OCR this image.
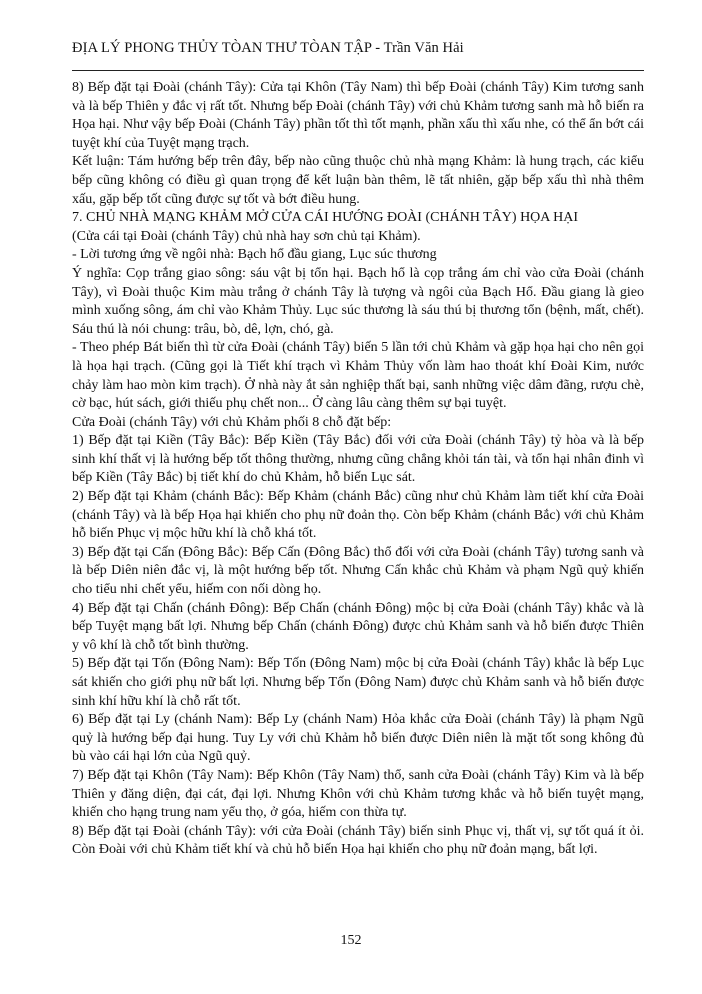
ĐỊA LÝ PHONG THỦY TÒAN THƯ TÒAN TẬP - Trần Văn Hải

8) Bếp đặt tại Đoài (chánh Tây): Cửa tại Khôn (Tây Nam) thì bếp Đoài (chánh Tây) Kim tương sanh và là bếp Thiên y đắc vị rất tốt. Nhưng bếp Đoài (chánh Tây) với chủ Khảm tương sanh mà hỗ biến ra Họa hại. Như vậy bếp Đoài (Chánh Tây) phần tốt thì tốt mạnh, phần xấu thì xấu nhe, có thể ẩn bớt cái tuyệt khí của Tuyệt mạng trạch.

Kết luận: Tám hướng bếp trên đây, bếp nào cũng thuộc chủ nhà mạng Khảm: là hung trạch, các kiểu bếp cũng không có điều gì quan trọng để kết luận bàn thêm, lẽ tất nhiên, gặp bếp xấu thì nhà thêm xấu, gặp bếp tốt cũng được sự tốt và bớt điều hung.

7. CHỦ NHÀ MẠNG KHẢM MỞ CỬA CÁI HƯỚNG ĐOÀI (CHÁNH TÂY) HỌA HẠI

(Cửa cái tại Đoài (chánh Tây) chủ nhà hay sơn chủ tại Khảm).

- Lời tương ứng về ngôi nhà: Bạch hổ đầu giang, Lục súc thương

Ý nghĩa: Cọp trắng giao sông: sáu vật bị tổn hại. Bạch hổ là cọp trắng ám chỉ vào cửa Đoài (chánh Tây), vì Đoài thuộc Kim màu trắng ở chánh Tây là tượng và ngôi của Bạch Hổ. Đầu giang là gieo mình xuống sông, ám chỉ vào Khảm Thủy. Lục súc thương là sáu thú bị thương tổn (bệnh, mất, chết). Sáu thú là nói chung: trâu, bò, dê, lợn, chó, gà.

- Theo phép Bát biến thì từ cửa Đoài (chánh Tây) biến 5 lần tới chủ Khảm và gặp họa hại cho nên gọi là họa hại trạch. (Cũng gọi là Tiết khí trạch vì Khảm Thủy vốn làm hao thoát khí Đoài Kim, nước chảy làm hao mòn kim trạch). Ở nhà này ắt sản nghiệp thất bại, sanh những việc dâm đãng, rượu chè, cờ bạc, hút sách, giới thiếu phụ chết non... Ở càng lâu càng thêm sự bại tuyệt.

Cửa Đoài (chánh Tây) với chủ Khảm phối 8 chỗ đặt bếp:

1) Bếp đặt tại Kiền (Tây Bắc): Bếp Kiền (Tây Bắc) đối với cửa Đoài (chánh Tây) tỷ hòa và là bếp sinh khí thất vị là hướng bếp tốt thông thường, nhưng cũng chẳng khỏi tán tài, và tổn hại nhân đinh vì bếp Kiền (Tây Bắc) bị tiết khí do chủ Khảm, hỗ biến Lục sát.

2) Bếp đặt tại Khảm (chánh Bắc): Bếp Khảm (chánh Bắc) cũng như chủ Khảm làm tiết khí cửa Đoài (chánh Tây) và là bếp Họa hại khiến cho phụ nữ đoản thọ. Còn bếp Khảm (chánh Bắc) với chủ Khảm hỗ biến Phục vị mộc hữu khí là chỗ khá tốt.

3) Bếp đặt tại Cấn (Đông Bắc): Bếp Cấn (Đông Bắc) thổ đối với cửa Đoài (chánh Tây) tương sanh và là bếp Diên niên đắc vị, là một hướng bếp tốt. Nhưng Cấn khắc chủ Khảm và phạm Ngũ quỷ khiến cho tiểu nhi chết yểu, hiếm con nối dòng họ.

4) Bếp đặt tại Chấn (chánh Đông): Bếp Chấn (chánh Đông) mộc bị cửa Đoài (chánh Tây) khắc và là bếp Tuyệt mạng bất lợi. Nhưng bếp Chấn (chánh Đông) được chủ Khảm sanh và hỗ biến được Thiên y vô khí là chỗ tốt bình thường.

5) Bếp đặt tại Tốn (Đông Nam): Bếp Tốn (Đông Nam) mộc bị cửa Đoài (chánh Tây) khắc là bếp Lục sát khiến cho giới phụ nữ bất lợi. Nhưng bếp Tốn (Đông Nam) được chủ Khảm sanh và hỗ biến được sinh khí hữu khí là chỗ rất tốt.

6) Bếp đặt tại Ly (chánh Nam): Bếp Ly (chánh Nam) Hỏa khắc cửa Đoài (chánh Tây) là phạm Ngũ quỷ là hướng bếp đại hung. Tuy Ly với chủ Khảm hỗ biến được Diên niên là mặt tốt song không đủ bù vào cái hại lớn của Ngũ quỷ.

7) Bếp đặt tại Khôn (Tây Nam): Bếp Khôn (Tây Nam) thổ, sanh cửa Đoài (chánh Tây) Kim và là bếp Thiên y đăng diện, đại cát, đại lợi. Nhưng Khôn với chủ Khảm tương khắc và hỗ biến tuyệt mạng, khiến cho hạng trung nam yểu thọ, ở góa, hiếm con thừa tự.

8) Bếp đặt tại Đoài (chánh Tây): với cửa Đoài (chánh Tây) biến sinh Phục vị, thất vị, sự tốt quá ít ỏi. Còn Đoài với chủ Khảm tiết khí và chủ hỗ biến Họa hại khiến cho phụ nữ đoản mạng, bất lợi.

152
